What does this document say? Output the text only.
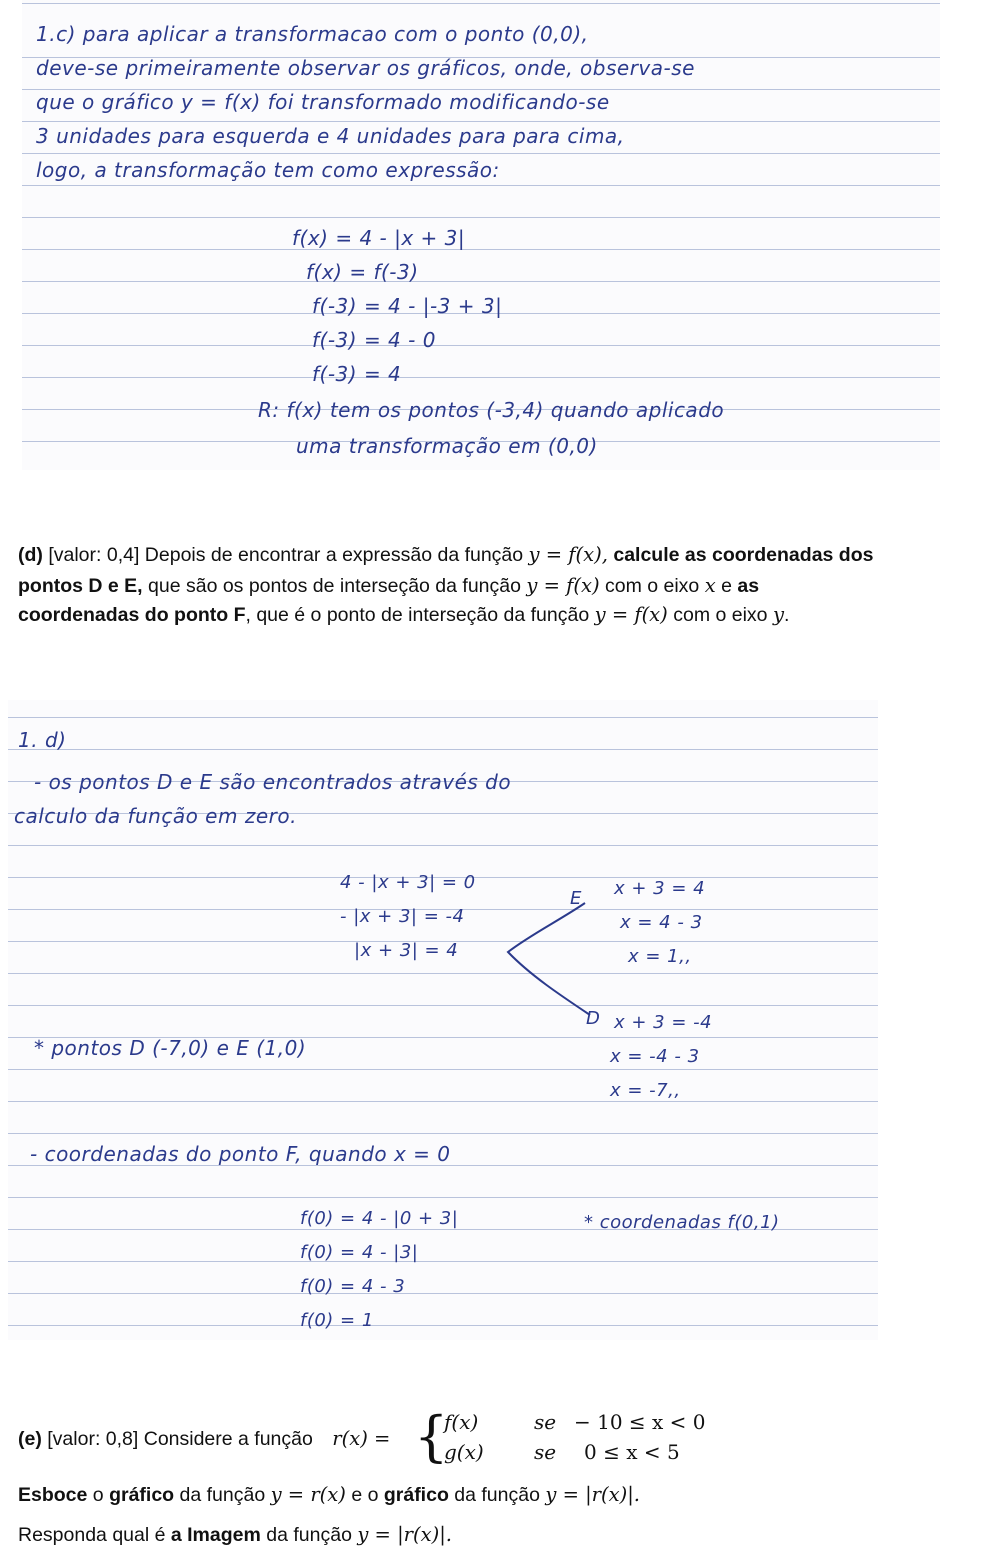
1.c) para aplicar a transformacao com o ponto (0,0),

deve-se primeiramente observar os gráficos, onde, observa-se

que o gráfico y = f(x) foi transformado modificando-se

3 unidades para esquerda e 4 unidades para para cima,

logo, a transformação tem como expressão:

f(x) = 4 - |x + 3|

f(x) = f(-3)

f(-3) = 4 - |-3 + 3|

f(-3) = 4 - 0

f(-3) = 4

R: f(x) tem os pontos (-3,4) quando aplicado

uma transformação em (0,0)

(d) [valor: 0,4] Depois de encontrar a expressão da função y = f(x), calcule as coordenadas dos
pontos D e E, que são os pontos de interseção da função y = f(x) com o eixo x e as
coordenadas do ponto F, que é o ponto de interseção da função y = f(x) com o eixo y.

1. d)

- os pontos D e E são encontrados através do

calculo da função em zero.

4 - |x + 3| = 0

- |x + 3| = -4

|x + 3| = 4

E

D

x + 3 = 4

x = 4 - 3

x = 1,,

x + 3 = -4

x = -4 - 3

x = -7,,

* pontos D (-7,0) e E (1,0)

- coordenadas do ponto F, quando x = 0

f(0) = 4 - |0 + 3|

f(0) = 4 - |3|

f(0) = 4 - 3

f(0) = 1

* coordenadas f(0,1)

(e) [valor: 0,8] Considere a função r(x) = {
f(x)	se − 10 ≤ x < 0
g(x)	se 0 ≤ x < 5
Esboce o gráfico da função y = r(x) e o gráfico da função y = |r(x)|.
Responda qual é a Imagem da função y = |r(x)|.
